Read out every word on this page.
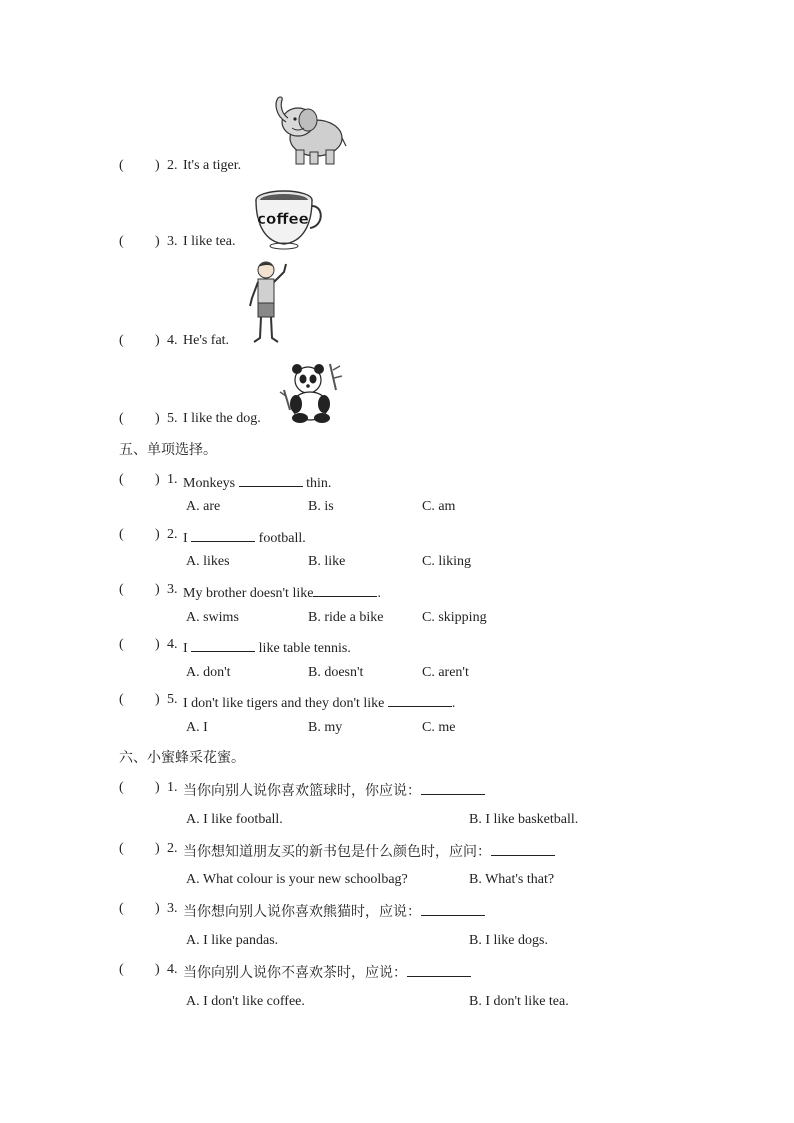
coffee
( ) 2. It's a tiger.
( ) 3. I like tea.
( ) 4. He's fat.
( ) 5. I like the dog.
五、单项选择。
( ) 1. Monkeys	thin.
A. are	B. is	C. am
( ) 2. I	football.
A. likes	B. like	C. liking
( ) 3. My brother doesn't like	.
A. swims	B. ride a bike	C. skipping
( ) 4. I	like table tennis.
A. don't	B. doesn't	C. aren't
( ) 5. I don't like tigers and they don't like	.
A. I	B. my	C. me
六、小蜜蜂采花蜜。
( ) 1. 当你向别人说你喜欢篮球时，你应说：
A. I like football.	B. I like basketball.
( ) 2. 当你想知道朋友买的新书包是什么颜色时，应问：
A. What colour is your new schoolbag?	B. What's that?
( ) 3. 当你想向别人说你喜欢熊猫时，应说：
A. I like pandas.	B. I like dogs.
( ) 4. 当你向别人说你不喜欢茶时，应说：
A. I don't like coffee.	B. I don't like tea.
